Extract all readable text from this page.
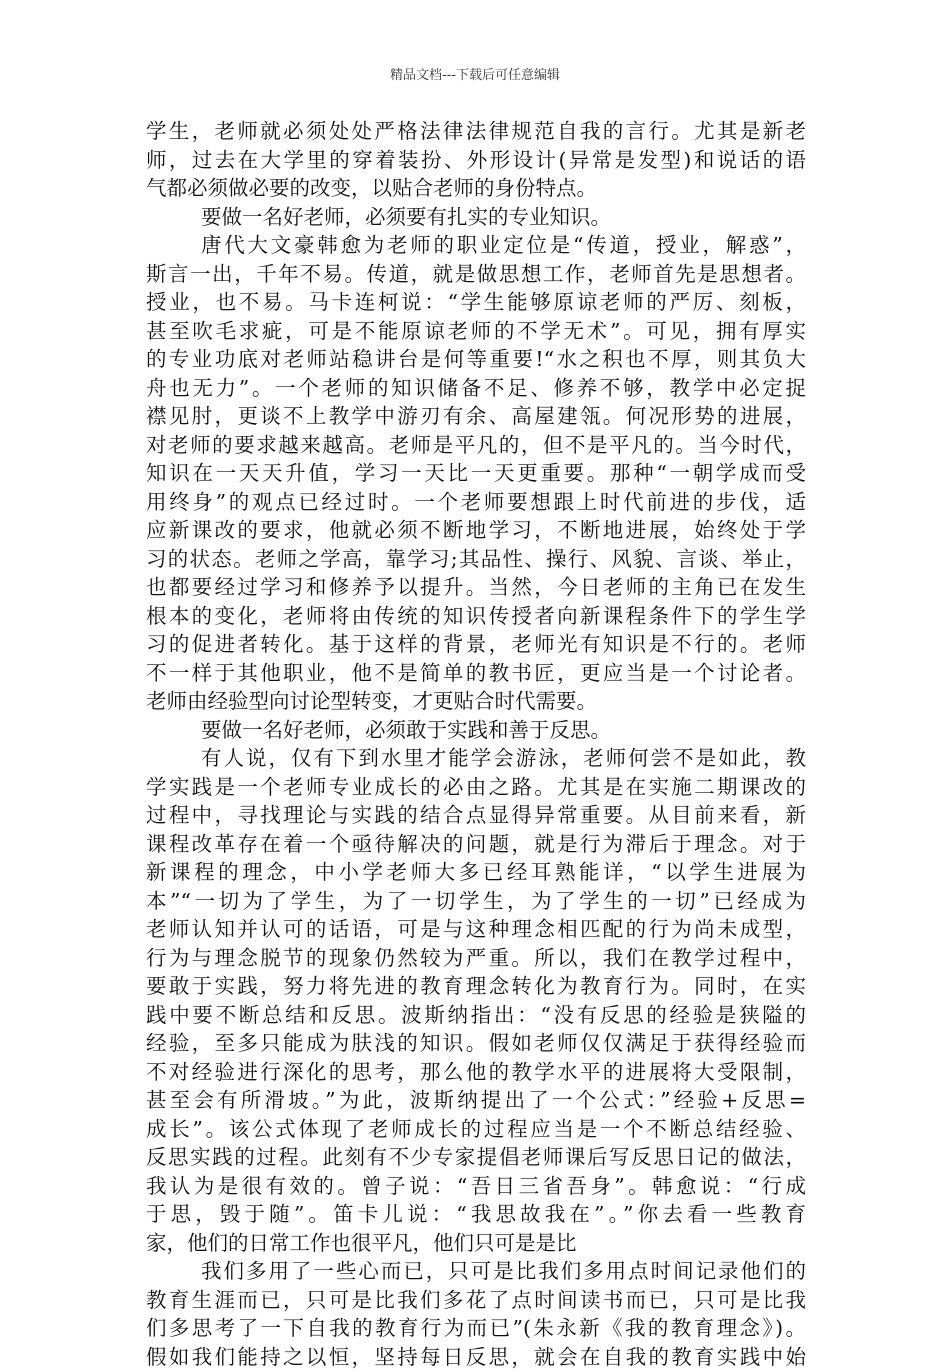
精品文档---下载后可任意编辑
学生，老师就必须处处严格法律法律规范自我的言行。尤其是新老
师，过去在大学里的穿着装扮、外形设计(异常是发型)和说话的语
气都必须做必要的改变，以贴合老师的身份特点。
要做一名好老师，必须要有扎实的专业知识。
唐代大文豪韩愈为老师的职业定位是“传道，授业，解惑”，
斯言一出，千年不易。传道，就是做思想工作，老师首先是思想者。
授业，也不易。马卡连柯说：“学生能够原谅老师的严厉、刻板，
甚至吹毛求疵，可是不能原谅老师的不学无术”。可见，拥有厚实
的专业功底对老师站稳讲台是何等重要!“水之积也不厚，则其负大
舟也无力”。一个老师的知识储备不足、修养不够，教学中必定捉
襟见肘，更谈不上教学中游刃有余、高屋建瓴。何况形势的进展，
对老师的要求越来越高。老师是平凡的，但不是平凡的。当今时代，
知识在一天天升值，学习一天比一天更重要。那种“一朝学成而受
用终身”的观点已经过时。一个老师要想跟上时代前进的步伐，适
应新课改的要求，他就必须不断地学习，不断地进展，始终处于学
习的状态。老师之学高，靠学习;其品性、操行、风貌、言谈、举止，
也都要经过学习和修养予以提升。当然，今日老师的主角已在发生
根本的变化，老师将由传统的知识传授者向新课程条件下的学生学
习的促进者转化。基于这样的背景，老师光有知识是不行的。老师
不一样于其他职业，他不是简单的教书匠，更应当是一个讨论者。
老师由经验型向讨论型转变，才更贴合时代需要。
要做一名好老师，必须敢于实践和善于反思。
有人说，仅有下到水里才能学会游泳，老师何尝不是如此，教
学实践是一个老师专业成长的必由之路。尤其是在实施二期课改的
过程中，寻找理论与实践的结合点显得异常重要。从目前来看，新
课程改革存在着一个亟待解决的问题，就是行为滞后于理念。对于
新课程的理念，中小学老师大多已经耳熟能详，“以学生进展为
本”“一切为了学生，为了一切学生，为了学生的一切”已经成为
老师认知并认可的话语，可是与这种理念相匹配的行为尚未成型，
行为与理念脱节的现象仍然较为严重。所以，我们在教学过程中，
要敢于实践，努力将先进的教育理念转化为教育行为。同时，在实
践中要不断总结和反思。波斯纳指出：“没有反思的经验是狭隘的
经验，至多只能成为肤浅的知识。假如老师仅仅满足于获得经验而
不对经验进行深化的思考，那么他的教学水平的进展将大受限制，
甚至会有所滑坡。”为此，波斯纳提出了一个公式：”经验+反思=
成长”。该公式体现了老师成长的过程应当是一个不断总结经验、
反思实践的过程。此刻有不少专家提倡老师课后写反思日记的做法，
我认为是很有效的。曾子说：“吾日三省吾身”。韩愈说：“行成
于思，毁于随”。笛卡儿说：“我思故我在”。”你去看一些教育
家，他们的日常工作也很平凡，他们只可是是比
我们多用了一些心而已，只可是比我们多用点时间记录他们的
教育生涯而已，只可是比我们多花了点时间读书而已，只可是比我
们多思考了一下自我的教育行为而已”(朱永新《我的教育理念》)。
假如我们能持之以恒，坚持每日反思，就会在自我的教育实践中始
